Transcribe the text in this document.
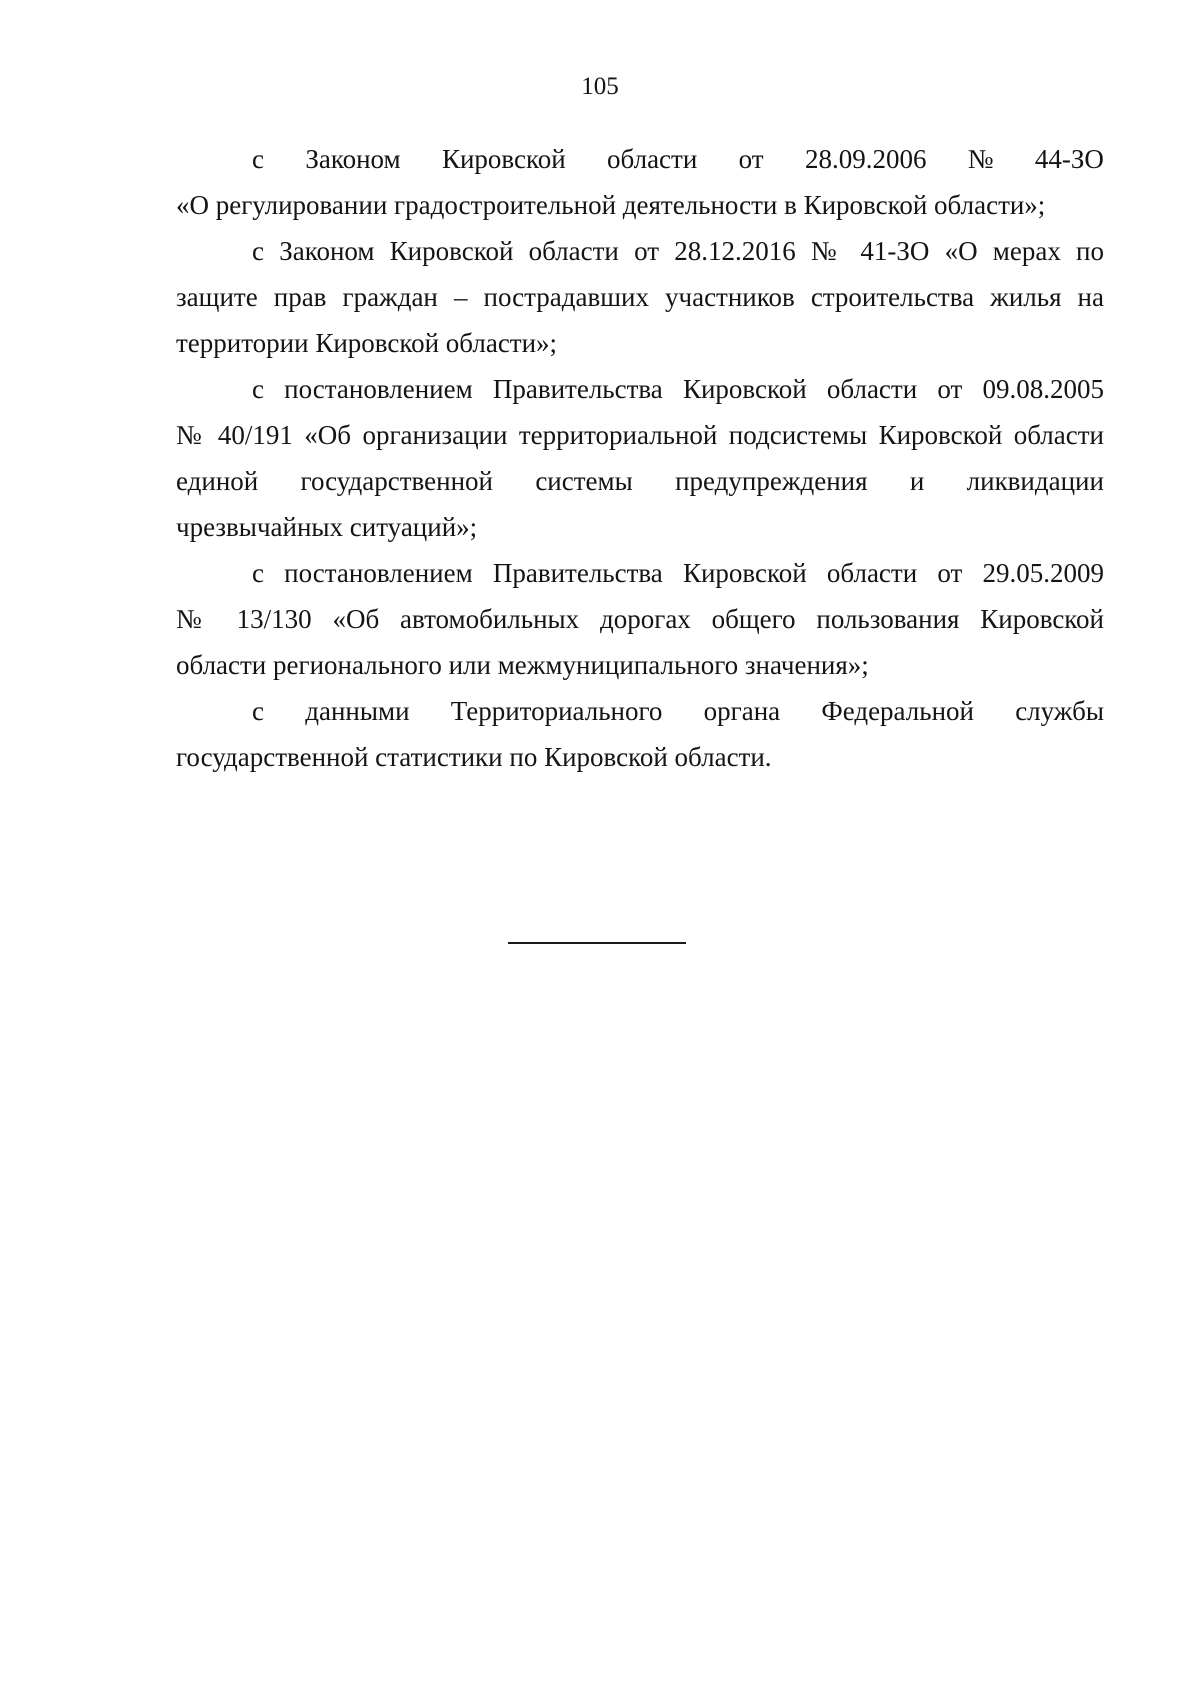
105
с Законом Кировской области от 28.09.2006 № 44-ЗО
«О регулировании градостроительной деятельности в Кировской области»;
с Законом Кировской области от 28.12.2016 № 41-ЗО «О мерах по
защите прав граждан – пострадавших участников строительства жилья на
территории Кировской области»;
с постановлением Правительства Кировской области от 09.08.2005
№ 40/191 «Об организации территориальной подсистемы Кировской области
единой государственной системы предупреждения и ликвидации
чрезвычайных ситуаций»;
с постановлением Правительства Кировской области от 29.05.2009
№ 13/130 «Об автомобильных дорогах общего пользования Кировской
области регионального или межмуниципального значения»;
с данными Территориального органа Федеральной службы
государственной статистики по Кировской области.
